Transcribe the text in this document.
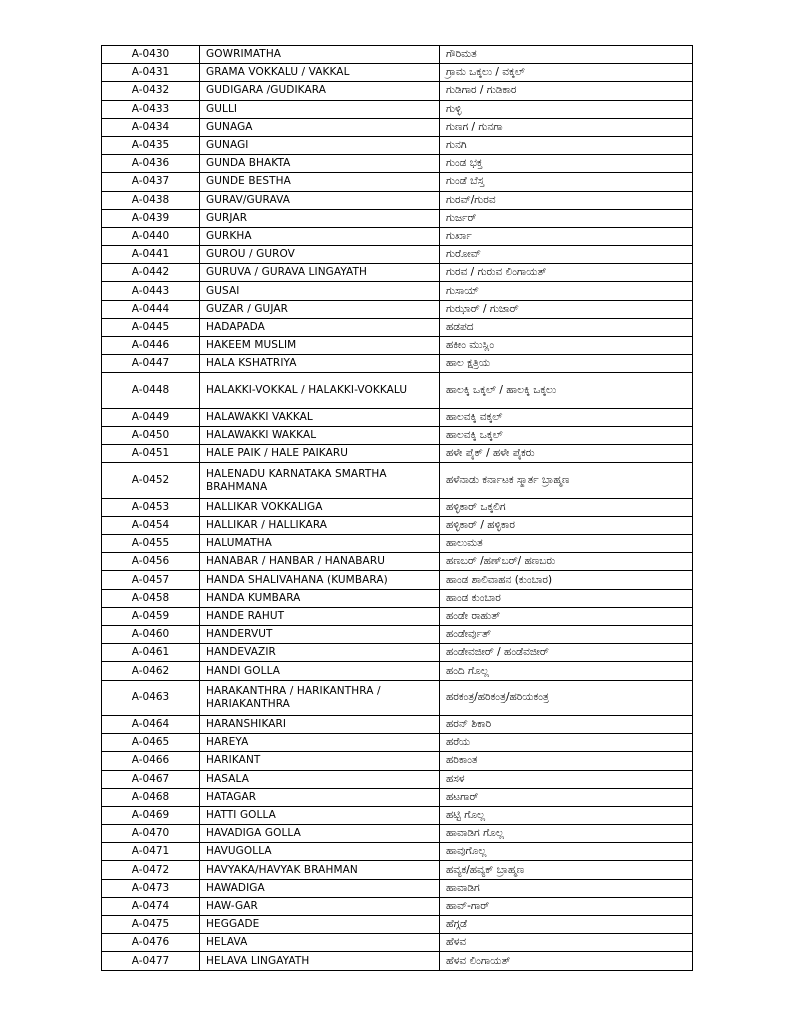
A-0430	GOWRIMATHA	ಗೌರಿಮತ
A-0431	GRAMA VOKKALU / VAKKAL	ಗ್ರಾಮ ಒಕ್ಕಲು / ವಕ್ಕಲ್
A-0432	GUDIGARA /GUDIKARA	ಗುಡಿಗಾರ / ಗುಡಿಕಾರ
A-0433	GULLI	ಗುಳ್ಳಿ
A-0434	GUNAGA	ಗುಣಗ / ಗುನಗಾ
A-0435	GUNAGI	ಗುನಗಿ
A-0436	GUNDA BHAKTA	ಗುಂಡ ಭಕ್ತ
A-0437	GUNDE BESTHA	ಗುಂಡೆ ಬೆಸ್ತ
A-0438	GURAV/GURAVA	ಗುರವ್/ಗುರವ
A-0439	GURJAR	ಗುರ್ಜರ್
A-0440	GURKHA	ಗುರ್ಖಾ
A-0441	GUROU / GUROV	ಗುರೋವ್
A-0442	GURUVA / GURAVA LINGAYATH	ಗುರವ / ಗುರುವ ಲಿಂಗಾಯತ್
A-0443	GUSAI	ಗುಸಾಯ್
A-0444	GUZAR / GUJAR	ಗುಝಾರ್ / ಗುಜಾರ್
A-0445	HADAPADA	ಹಡಪದ
A-0446	HAKEEM MUSLIM	ಹಕೀಂ ಮುಸ್ಲಿಂ
A-0447	HALA KSHATRIYA	ಹಾಲ ಕ್ಷತ್ರಿಯ
A-0448	HALAKKI-VOKKAL / HALAKKI-VOKKALU	ಹಾಲಕ್ಕಿ ಒಕ್ಕಲ್ / ಹಾಲಕ್ಕಿ ಒಕ್ಕಲು
A-0449	HALAWAKKI VAKKAL	ಹಾಲವಕ್ಕಿ ವಕ್ಕಲ್
A-0450	HALAWAKKI WAKKAL	ಹಾಲವಕ್ಕಿ ಒಕ್ಕಲ್
A-0451	HALE PAIK / HALE PAIKARU	ಹಳೇ ಪೈಕ್ / ಹಳೇ ಪೈಕರು
A-0452	HALENADU KARNATAKA SMARTHA BRAHMANA	ಹಳೆನಾಡು ಕರ್ನಾಟಕ ಸ್ಮಾರ್ತ ಬ್ರಾಹ್ಮಣ
A-0453	HALLIKAR VOKKALIGA	ಹಳ್ಳಿಕಾರ್ ಒಕ್ಕಲಿಗ
A-0454	HALLIKAR / HALLIKARA	ಹಳ್ಳಿಕಾರ್ / ಹಳ್ಳಿಕಾರ
A-0455	HALUMATHA	ಹಾಲುಮತ
A-0456	HANABAR / HANBAR / HANABARU	ಹಣಬರ್ /ಹಣ್‌ಬರ್/ ಹಣಬರು
A-0457	HANDA SHALIVAHANA (KUMBARA)	ಹಾಂಡ ಶಾಲಿವಾಹನ (ಕುಂಬಾರ)
A-0458	HANDA KUMBARA	ಹಾಂಡ ಕುಂಬಾರ
A-0459	HANDE RAHUT	ಹಂಡೇ ರಾಹುತ್
A-0460	HANDERVUT	ಹಂಡೇರ್ವುತ್
A-0461	HANDEVAZIR	ಹಂಡೇವಜೀರ್ / ಹಂಡೆವಜೀರ್
A-0462	HANDI GOLLA	ಹಂದಿ ಗೊಲ್ಲ
A-0463	HARAKANTHRA / HARIKANTHRA / HARIAKANTHRA	ಹರಕಂತ್ರ/ಹರಿಕಂತ್ರ/ಹರಿಯಕಂತ್ರ
A-0464	HARANSHIKARI	ಹರನ್ ಶಿಕಾರಿ
A-0465	HAREYA	ಹರೆಯ
A-0466	HARIKANT	ಹರಿಕಾಂತ
A-0467	HASALA	ಹಸಳ
A-0468	HATAGAR	ಹಟಗಾರ್
A-0469	HATTI GOLLA	ಹಟ್ಟಿ ಗೊಲ್ಲ
A-0470	HAVADIGA GOLLA	ಹಾವಾಡಿಗ ಗೊಲ್ಲ
A-0471	HAVUGOLLA	ಹಾವುಗೊಲ್ಲ
A-0472	HAVYAKA/HAVYAK BRAHMAN	ಹವ್ಯಕ/ಹವ್ಯಕ್ ಬ್ರಾಹ್ಮಣ
A-0473	HAWADIGA	ಹಾವಾಡಿಗ
A-0474	HAW-GAR	ಹಾವ್-ಗಾರ್
A-0475	HEGGADE	ಹೆಗ್ಗಡೆ
A-0476	HELAVA	ಹೆಳವ
A-0477	HELAVA LINGAYATH	ಹೆಳವ ಲಿಂಗಾಯತ್
